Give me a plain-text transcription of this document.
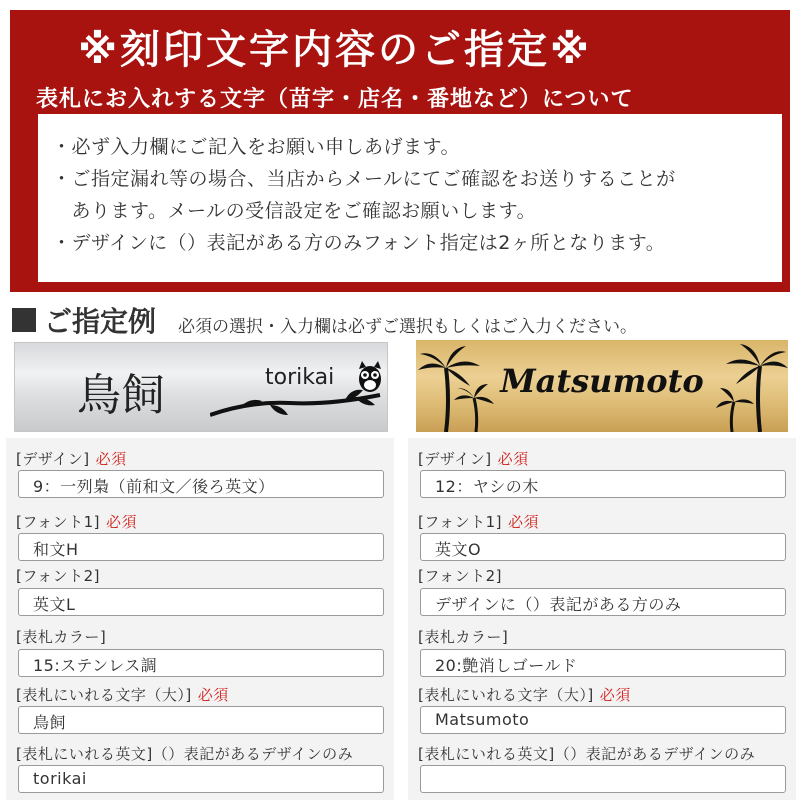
※刻印文字内容のご指定※
表札にお入れする文字（苗字・店名・番地など）について
・必ず入力欄にご記入をお願い申しあげます。
・ご指定漏れ等の場合、当店からメールにてご確認をお送りすることが
　あります。メールの受信設定をご確認お願いします。
・デザインに（）表記がある方のみフォント指定は2ヶ所となります。
ご指定例 必須の選択・入力欄は必ずご選択もしくはご入力ください。
鳥飼	torikai	Matsumoto
[デザイン] 必須
9：一列梟（前和文／後ろ英文）
[フォント1] 必須
和文H
[フォント2]
英文L
[表札カラー]
15:ステンレス調
[表札にいれる文字（大）] 必須
鳥飼
[表札にいれる英文]（）表記があるデザインのみ
torikai
[デザイン] 必須
12：ヤシの木
[フォント1] 必須
英文O
[フォント2]
デザインに（）表記がある方のみ
[表札カラー]
20:艶消しゴールド
[表札にいれる文字（大）] 必須
Matsumoto
[表札にいれる英文]（）表記があるデザインのみ
